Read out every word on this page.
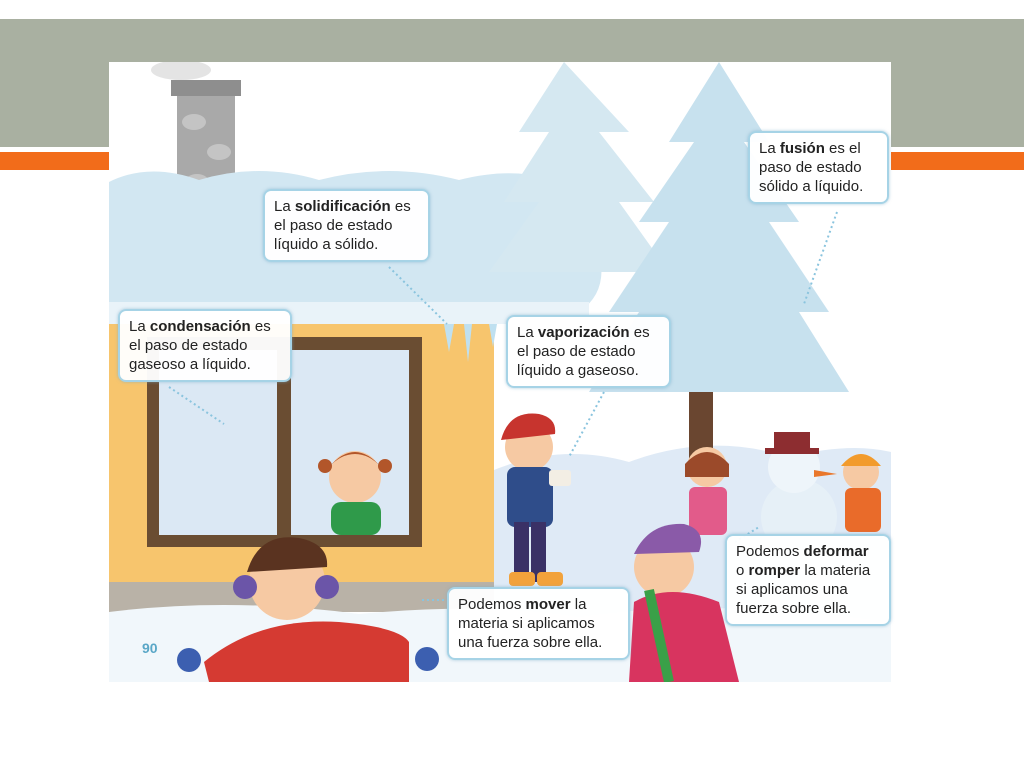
La solidificación es
el paso de estado
líquido a sólido.
La fusión es el
paso de estado
sólido a líquido.
La condensación es
el paso de estado
gaseoso a líquido.
La vaporización es
el paso de estado
líquido a gaseoso.
Podemos mover la
materia si aplicamos
una fuerza sobre ella.
Podemos deformar
o romper la materia
si aplicamos una
fuerza sobre ella.
90
